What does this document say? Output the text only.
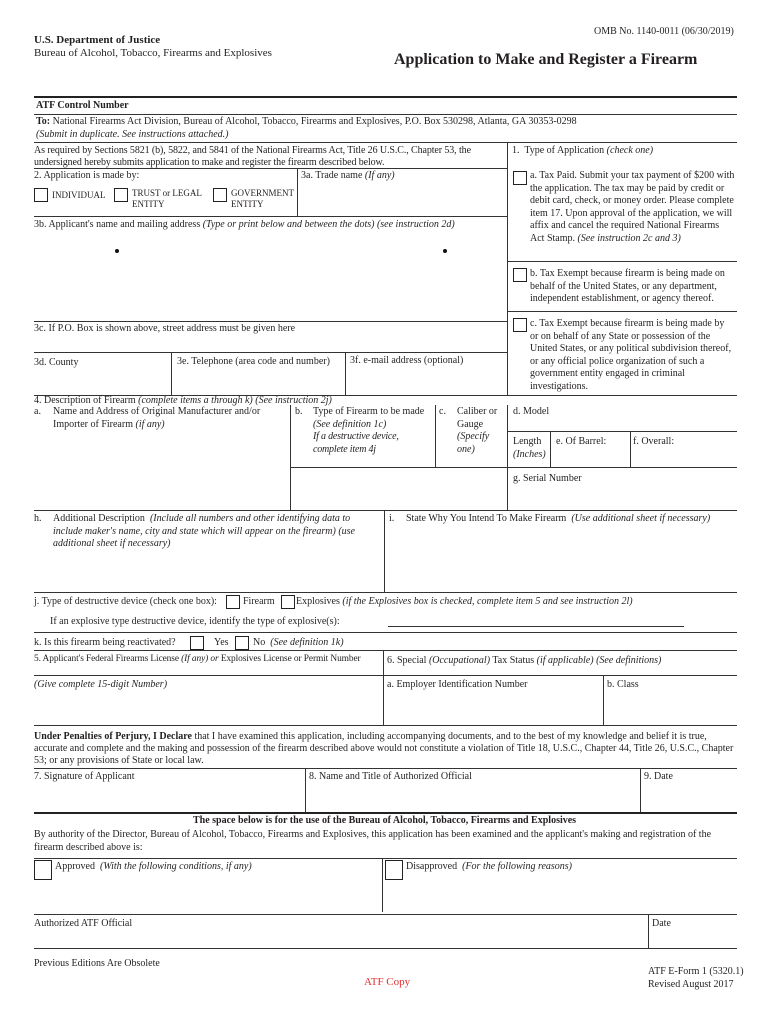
OMB No. 1140-0011 (06/30/2019)
U.S. Department of Justice
Bureau of Alcohol, Tobacco, Firearms and Explosives	Application to Make and Register a Firearm
ATF Control Number
To: National Firearms Act Division, Bureau of Alcohol, Tobacco, Firearms and Explosives, P.O. Box 530298, Atlanta, GA 30353-0298
(Submit in duplicate. See instructions attached.)
As required by Sections 5821 (b), 5822, and 5841 of the National Firearms Act, Title 26 U.S.C., Chapter 53, the undersigned hereby submits application to make and register the firearm described below.
1. Type of Application (check one)
a. Tax Paid. Submit your tax payment of $200 with the application. The tax may be paid by credit or debit card, check, or money order. Please complete item 17. Upon approval of the application, we will affix and cancel the required National Firearms Act Stamp. (See instruction 2c and 3)
b. Tax Exempt because firearm is being made on behalf of the United States, or any department, independent establishment, or agency thereof.
c. Tax Exempt because firearm is being made by or on behalf of any State or possession of the United States, or any political subdivision thereof, or any official police organization of such a government entity engaged in criminal investigations.
2. Application is made by:	3a. Trade name (If any)
INDIVIDUAL	TRUST or LEGAL ENTITY
GOVERNMENT ENTITY
3b. Applicant's name and mailing address (Type or print below and between the dots) (see instruction 2d)
3c. If P.O. Box is shown above, street address must be given here
3d. County	3e. Telephone (area code and number) 3f. e-mail address (optional)
4. Description of Firearm (complete items a through k) (See instruction 2j)
a. Name and Address of Original Manufacturer and/or Importer of Firearm (if any)
b. Type of Firearm to be made
(See definition 1c)
If a destructive device, complete item 4j
c. Caliber or Gauge
(Specify one)
d. Model
Length
(Inches)
e. Of Barrel:	f. Overall:
g. Serial Number
h. Additional Description (Include all numbers and other identifying data to include maker's name, city and state which will appear on the firearm) (use additional sheet if necessary)
i. State Why You Intend To Make Firearm (Use additional sheet if necessary)
j. Type of destructive device (check one box):	Firearm Explosives (if the Explosives box is checked, complete item 5 and see instruction 2l)
If an explosive type destructive device, identify the type of explosive(s):
k. Is this firearm being reactivated?	Yes No (See definition 1k)
5. Applicant's Federal Firearms License (If any) or Explosives License or Permit Number	6. Special (Occupational) Tax Status (if applicable) (See definitions)
(Give complete 15-digit Number)	a. Employer Identification Number	b. Class
Under Penalties of Perjury, I Declare that I have examined this application, including accompanying documents, and to the best of my knowledge and belief it is true, accurate and complete and the making and possession of the firearm described above would not constitute a violation of Title 18, U.S.C., Chapter 44, Title 26, U.S.C., Chapter 53; or any provisions of State or local law.
7. Signature of Applicant	8. Name and Title of Authorized Official	9. Date
The space below is for the use of the Bureau of Alcohol, Tobacco, Firearms and Explosives
By authority of the Director, Bureau of Alcohol, Tobacco, Firearms and Explosives, this application has been examined and the applicant's making and registration of the firearm described above is:
Approved (With the following conditions, if any)	Disapproved (For the following reasons)
Authorized ATF Official	Date
Previous Editions Are Obsolete
ATF Copy
ATF E-Form 1 (5320.1)
Revised August 2017
